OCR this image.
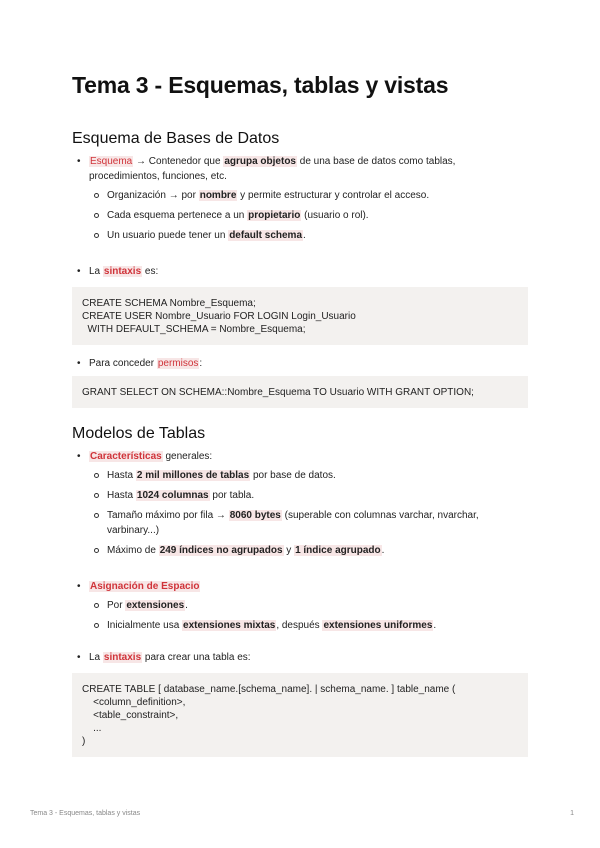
Tema 3 - Esquemas, tablas y vistas
Esquema de Bases de Datos
• Esquema → Contenedor que agrupa objetos de una base de datos como tablas, procedimientos, funciones, etc.
Organización → por nombre y permite estructurar y controlar el acceso.
Cada esquema pertenece a un propietario (usuario o rol).
Un usuario puede tener un default schema.
• La sintaxis es:
CREATE SCHEMA Nombre_Esquema;
CREATE USER Nombre_Usuario FOR LOGIN Login_Usuario
WITH DEFAULT_SCHEMA = Nombre_Esquema;
• Para conceder permisos:
GRANT SELECT ON SCHEMA::Nombre_Esquema TO Usuario WITH GRANT OPTION;
Modelos de Tablas
• Características generales:
Hasta 2 mil millones de tablas por base de datos.
Hasta 1024 columnas por tabla.
Tamaño máximo por fila → 8060 bytes (superable con columnas varchar, nvarchar, varbinary...)
Máximo de 249 índices no agrupados y 1 índice agrupado.
• Asignación de Espacio
Por extensiones.
Inicialmente usa extensiones mixtas, después extensiones uniformes.
• La sintaxis para crear una tabla es:
CREATE TABLE [ database_name.[schema_name]. | schema_name. ] table_name (
<column_definition>,
<table_constraint>,
...
)
Tema 3 - Esquemas, tablas y vistas	1
